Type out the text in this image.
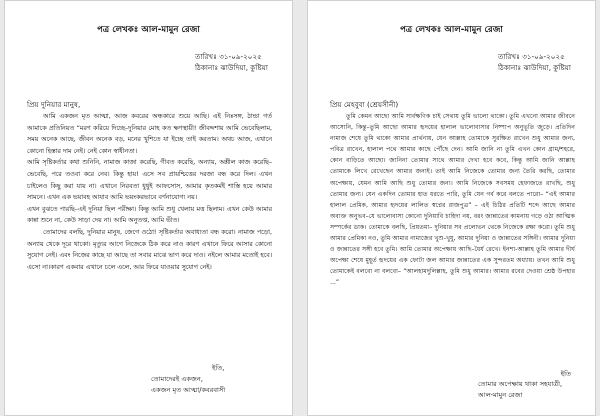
পত্র লেখকঃ আল-মামুন রেজা
তারিখঃ ৩১-০৯-২০২৫
ঠিকানাঃ ঝাউদিয়া, কুষ্টিয়া
প্রিয় দুনিয়ার মানুষ,

আমি একজন মৃত আত্মা, আজ কবরের অন্ধকারে শুয়ে আছি। এই নিঃসঙ্গ, ঠান্ডা গর্ত আমাকে প্রতিনিয়ত “মরণ করিয়ে দিচ্ছে–দুনিয়ার মোহ কত ক্ষণস্থায়ী! জীবদ্দশায় আমি ভেবেছিলাম, সময় অনেক আছে, জীবন অনেক বড়, মনের খুশিতে যা ইচ্ছে তাই করতাম। অথচ আজ, এখানে কোনো হিস্তার দাম নেই। নেই কোন স্বাধীনতা।

আমি সৃষ্টিকর্তার কথা শুনিনি, নামাজ কাজা করেছি, গীবত করেছি, অন্যায়, অশ্লীল কাজ করেছি–ভেবেছি, পরে তওবা করে নেব। কিন্তু হায়! এসে সব প্রায়শ্চিত্তের দরজা বন্ধ করে দিল। এখন চাইলেও কিছু করা যায় না। এখানে নিরবতা ধুধুই আফসোস, আমার কৃতকর্মই শাস্তি হয়ে আমার সামনে। এখন এক ভয়াবহ আযাব আমি ভয়ংকরভাবে বর্ণনাযোগ্য নয়।

এখন বুঝতে পারছি–এই দুনিয়া ছিল পরীক্ষা। কিন্তু আমি শুধু খেলায় মত্ত ছিলাম। এখন কেউ আমার কান্না শুনে না, কেউ সাড়া দেয় না। আমি অনুতপ্ত, আমি ভীত।

তোমাদের বলছি, দুনিয়ার মানুষ, জেগে ওঠো! সৃষ্টিকর্তার অবাধ্যতা বন্ধ করো। নামাজ পড়ো, অন্যায় থেকে দূরে থাকো। মৃত্যুর আগে নিজেকে ঠিক করে নাও কারণ এখানে ফিরে আসার কোনো সুযোগ নেই। এবং নিজের কাছে যা আছে তা সবার মাঝে ভাগ করে দাও। নইলে আমার মতোই হবে। এসো না।কারণ একবার এখানে চলে এলে, আর ফিরে যাওয়ার সুযোগ নেই।

ইতি,
তোমাদেরই একজন,
একজন মৃত আত্মা/কবরবাসী
পত্র লেখকঃ আল-মামুন রেজা
তারিখঃ ৩১-০৯-২০২৫
ঠিকানাঃ ঝাউদিয়া, কুষ্টিয়া
প্রিয় মেহবুবা (শ্রেয়সীনী)

তুমি কেমন আছো আমি সার্বক্ষণিক চাই সেথায় তুমি ভালো থাকো। তুমি এখনো আমার জীবনে আসোনি, কিন্তু–তুমি আছো আমার হৃদয়ের হালাল ভালোবাসার নিষ্পাপ অনুভূতি জুড়ে। প্রতিদিন নামাজ শেষে তুমি থাকো আমার প্রার্থনায়, যেন আল্লাহ তোমাকে সুরক্ষিত রাখেন শুধু আমার জন্য, পবিত্র রাখেন, হালাল পথে আমার কাছে পৌঁছে দেন। আমি জানি না তুমি এখন কোন গ্রাম/শহরে, কোন বাড়িতে আছো। জানিনা তোমার সাথে আমার দেখা হবে কবে, কিন্তু আমি জানি আল্লাহ তোমাকে লিখে রেখেছেন আমার জন্যই। তাই আমি নিজেকে তোমার জন্য তৈরি করছি, তোমার অপেক্ষায়, যেমন আমি আছি শুধু তোমার জন্য। আমি নিজেকে সবসময় হেফাজতে রাখছি, শুধু তোমার জন্য। যেন একদিন তোমার হাত ধরতে পারি, তুমি যেন গর্ব করে বলতে পারো– “এই আমার হালাল প্রেমিক, আমার হৃদয়ের লালিত স্বপ্নের রাজপুত্র” – এই চিঠির প্রতিটি শব্দে আছে আমার অব্যক্ত অনুভব–যে ভালোবাসা কোনো দুনিয়াবি চাহিদা নয়, বরং জান্নাতের কামনায় গড়ে ওঠা আত্মিক সম্পর্কের ডাক। তোমাকে বলছি, প্রিয়তমা– দুনিয়ার সব প্রলোভন থেকে নিজেকে রক্ষা করো। তুমি শুধু আমার প্রেমিকা নও, তুমি আমার নামাজের খুশু-খুযু, আমার দুনিয়া ও জান্নাতের সঙ্গিনী। আমার দুনিয়া ও জান্নাতের সঙ্গী হবে তুমি। আমি তোমার অপেক্ষায় আছি–ধৈর্য রেখে। ইনশা-আল্লাহ তুমি আমার দীর্ঘ অপেক্ষা শেষে মুহূর্ত হৃদয়ের এক ফোটা জল আমার জান্নাতের এক সুন্দরতম অধ্যায়। তখন আমি শুধু তোমাকেই বলবো না বলবো– “আলহামদুলিল্লাহ, তুমি শুধু আমার। আমার রবের দেওয়া শ্রেষ্ঠ উপহার ...”

ইতি
তোমার অপেক্ষায় থাকা সহযাত্রী,
আল-মামুন রেজা
